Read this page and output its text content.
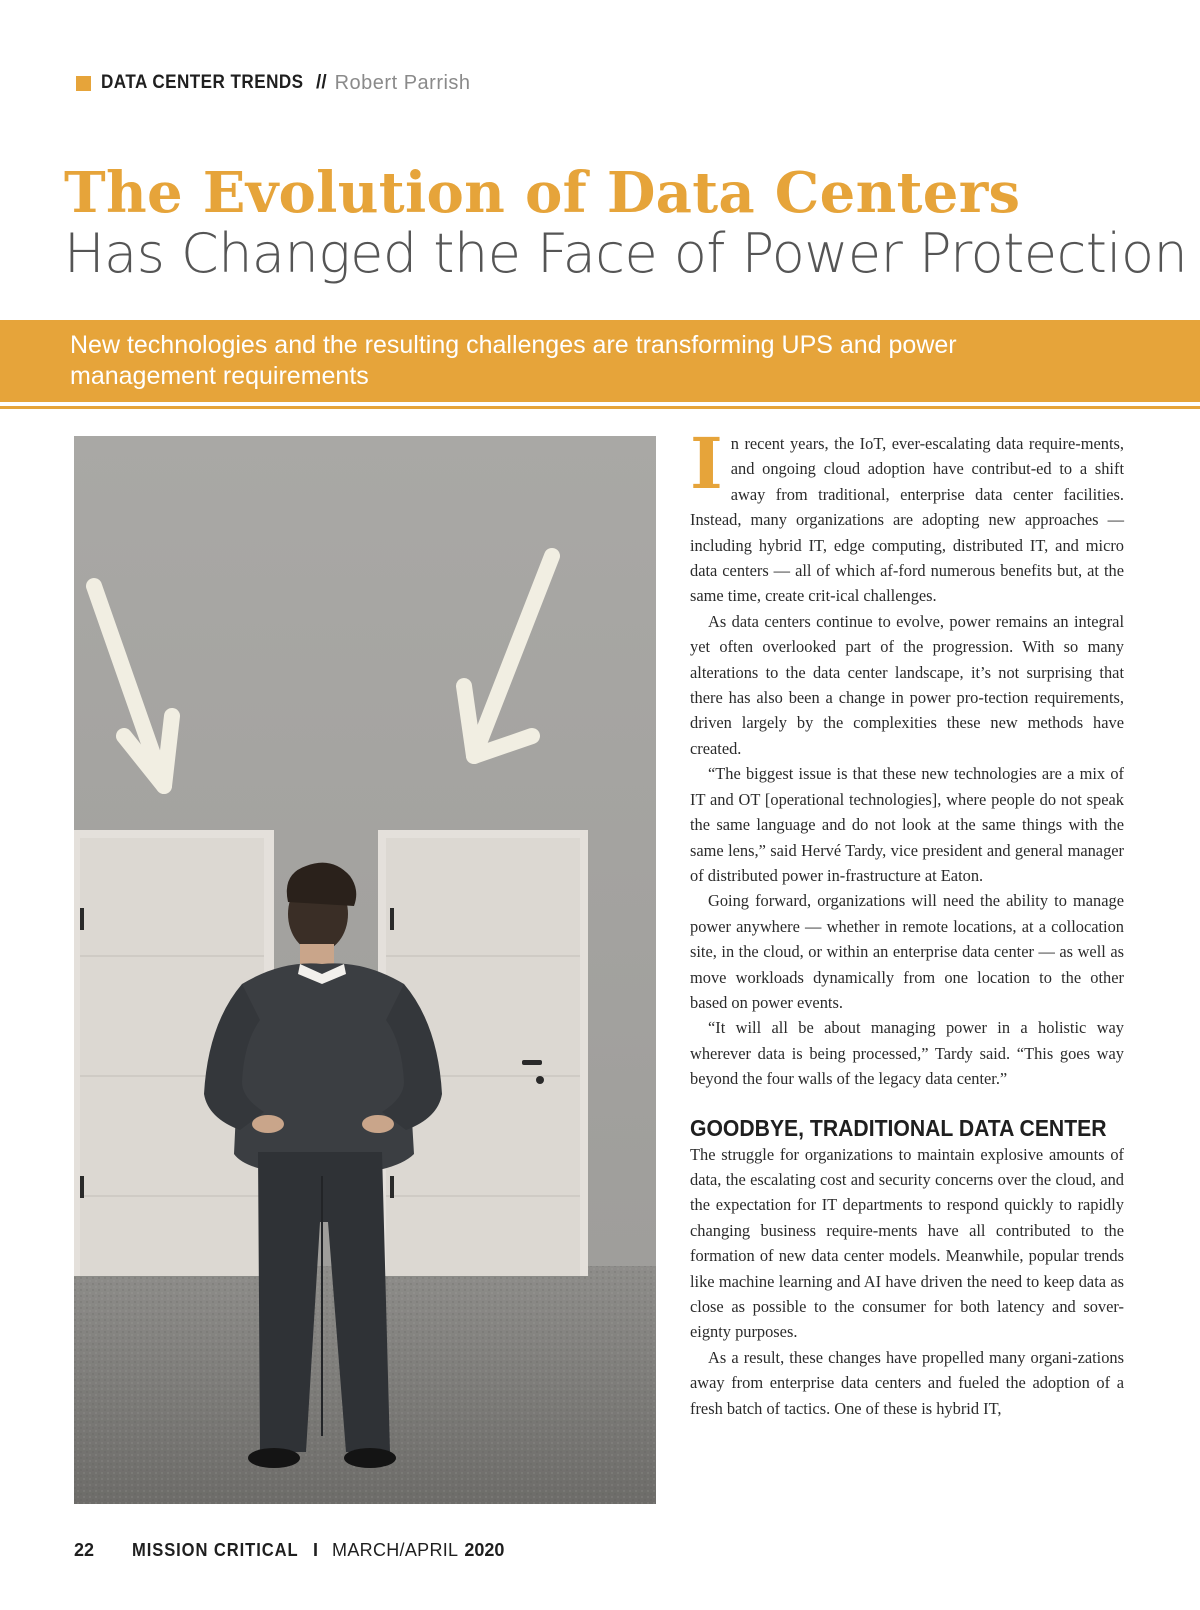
DATA CENTER TRENDS // Robert Parrish
The Evolution of Data Centers
Has Changed the Face of Power Protection
New technologies and the resulting challenges are transforming UPS and power management requirements

In recent years, the IoT, ever-escalating data require-ments, and ongoing cloud adoption have contribut-ed to a shift away from traditional, enterprise data center facilities. Instead, many organizations are adopting new approaches — including hybrid IT, edge computing, distributed IT, and micro data centers — all of which af-ford numerous benefits but, at the same time, create crit-ical challenges.

As data centers continue to evolve, power remains an integral yet often overlooked part of the progression. With so many alterations to the data center landscape, it’s not surprising that there has also been a change in power pro-tection requirements, driven largely by the complexities these new methods have created.

“The biggest issue is that these new technologies are a mix of IT and OT [operational technologies], where people do not speak the same language and do not look at the same things with the same lens,” said Hervé Tardy, vice president and general manager of distributed power in-frastructure at Eaton.

Going forward, organizations will need the ability to manage power anywhere — whether in remote locations, at a collocation site, in the cloud, or within an enterprise data center — as well as move workloads dynamically from one location to the other based on power events.

“It will all be about managing power in a holistic way wherever data is being processed,” Tardy said. “This goes way beyond the four walls of the legacy data center.”

GOODBYE, TRADITIONAL DATA CENTER

The struggle for organizations to maintain explosive amounts of data, the escalating cost and security concerns over the cloud, and the expectation for IT departments to respond quickly to rapidly changing business require-ments have all contributed to the formation of new data center models. Meanwhile, popular trends like machine learning and AI have driven the need to keep data as close as possible to the consumer for both latency and sover-eignty purposes.

As a result, these changes have propelled many organi-zations away from enterprise data centers and fueled the adoption of a fresh batch of tactics. One of these is hybrid IT,

22 MISSION CRITICAL I MARCH/APRIL 2020
